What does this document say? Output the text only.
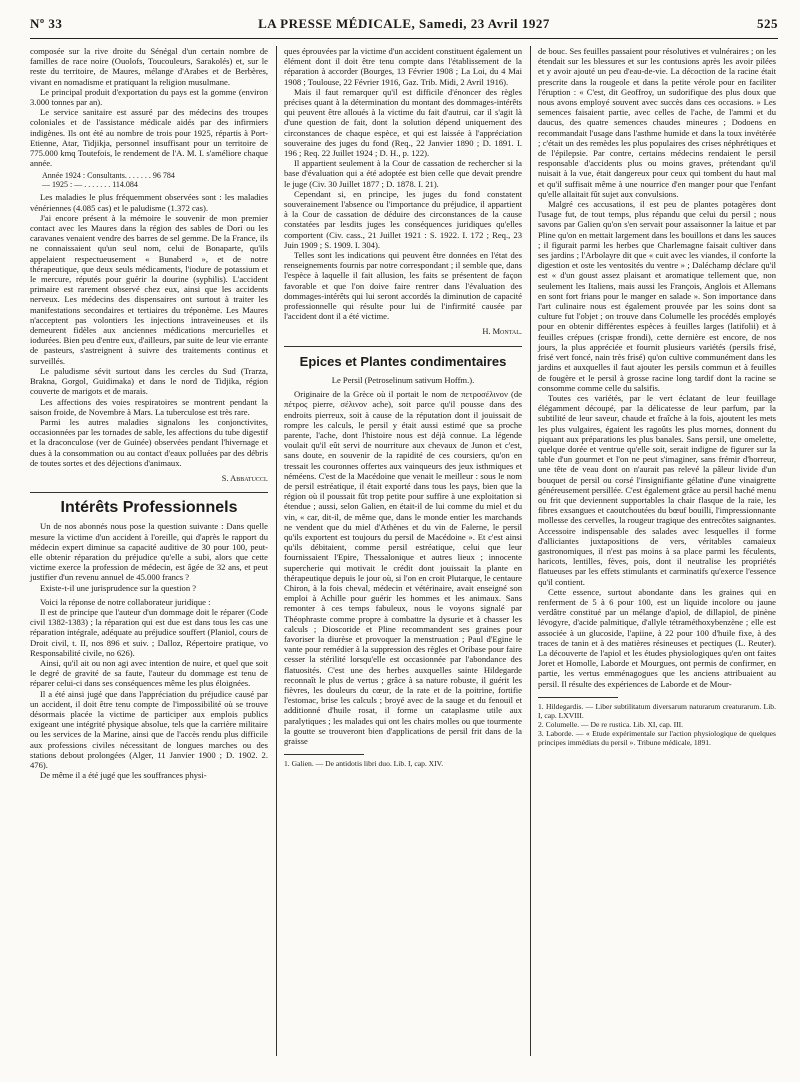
Nº 33	LA PRESSE MÉDICALE, Samedi, 23 Avril 1927	525

composée sur la rive droite du Sénégal d'un certain nombre de familles de race noire (Ouolofs, Toucouleurs, Sarakolés) et, sur le reste du territoire, de Maures, mélange d'Arabes et de Berbères, vivant en nomadisme et pratiquant la religion musulmane.

Le principal produit d'exportation du pays est la gomme (environ 3.000 tonnes par an).

Le service sanitaire est assuré par des médecins des troupes coloniales et de l'assistance médicale aidés par des infirmiers indigènes. Ils ont été au nombre de trois pour 1925, répartis à Port-Etienne, Atar, Tidjikja, personnel insuffisant pour un territoire de 775.000 kmq Toutefois, le rendement de l'A. M. I. s'améliore chaque année.

Année 1924 : Consultants. . . . . . . 96 784
— 1925 : — . . . . . . . 114.084

Les maladies le plus fréquemment observées sont : les maladies vénériennes (4.085 cas) et le paludisme (1.372 cas).

J'ai encore présent à la mémoire le souvenir de mon premier contact avec les Maures dans la région des sables de Dori ou les caravanes venaient vendre des barres de sel gemme. De la France, ils ne connaissaient qu'un seul nom, celui de Bonaparte, qu'ils appelaient respectueusement « Bunaberd », et de notre thérapeutique, que deux seuls médicaments, l'iodure de potassium et le mercure, réputés pour guérir la dourine (syphilis). L'accident primaire est rarement observé chez eux, ainsi que les accidents nerveux. Les médecins des dispensaires ont surtout à traiter les manifestations secondaires et tertiaires du tréponème. Les Maures n'acceptent pas volontiers les injections intraveineuses et ils demeurent fidèles aux anciennes médications mercurielles et iodurées. Bien peu d'entre eux, d'ailleurs, par suite de leur vie errante de pasteurs, s'astreignent à suivre des traitements continus et surveillés.

Le paludisme sévit surtout dans les cercles du Sud (Trarza, Brakna, Gorgol, Guidimaka) et dans le nord de Tidjika, région couverte de marigots et de marais.

Les affections des voies respiratoires se montrent pendant la saison froide, de Novembre à Mars. La tuberculose est très rare.

Parmi les autres maladies signalons les conjonctivites, occasionnées par les tornades de sable, les affections du tube digestif et la draconculose (ver de Guinée) observées pendant l'hivernage et dues à la consommation ou au contact d'eaux polluées par des débris de toutes sortes et des déjections d'animaux.

S. Abbatucci.
Intérêts Professionnels

Un de nos abonnés nous pose la question suivante : Dans quelle mesure la victime d'un accident à l'oreille, qui d'après le rapport du médecin expert diminue sa capacité auditive de 30 pour 100, peut-elle obtenir réparation du préjudice qu'elle a subi, alors que cette victime exerce la profession de médecin, est âgée de 32 ans, et peut justifier d'un revenu annuel de 45.000 francs ?

Existe-t-il une jurisprudence sur la question ?

Voici la réponse de notre collaborateur juridique :

Il est de principe que l'auteur d'un dommage doit le réparer (Code civil 1382-1383) ; la réparation qui est due est dans tous les cas une réparation intégrale, adéquate au préjudice souffert (Planiol, cours de Droit civil, t. II, nos 896 et suiv. ; Dalloz, Répertoire pratique, vo Responsabilité civile, no 626).

Ainsi, qu'il ait ou non agi avec intention de nuire, et quel que soit le degré de gravité de sa faute, l'auteur du dommage est tenu de réparer celui-ci dans ses conséquences même les plus éloignées.

Il a été ainsi jugé que dans l'appréciation du préjudice causé par un accident, il doit être tenu compte de l'impossibilité où se trouve désormais placée la victime de participer aux emplois publics exigeant une intégrité physique absolue, tels que la carrière militaire ou les services de la Marine, ainsi que de l'accès rendu plus difficile aux professions civiles nécessitant de longues marches ou des stations debout prolongées (Alger, 11 Janvier 1900 ; D. 1902. 2. 476).

De même il a été jugé que les souffrances physi-

ques éprouvées par la victime d'un accident constituent également un élément dont il doit être tenu compte dans l'établissement de la réparation à accorder (Bourges, 13 Février 1908 ; La Loi, du 4 Mai 1908 ; Toulouse, 22 Février 1916, Gaz. Trib. Midi, 2 Avril 1916).

Mais il faut remarquer qu'il est difficile d'énoncer des règles précises quant à la détermination du montant des dommages-intérêts qui peuvent être alloués à la victime du fait d'autrui, car il s'agit là d'une question de fait, dont la solution dépend uniquement des circonstances de chaque espèce, et qui est laissée à l'appréciation souveraine des juges du fond (Req., 22 Janvier 1890 ; D. 1891. I. 196 ; Req. 22 Juillet 1924 ; D. H., p. 122).

Il appartient seulement à la Cour de cassation de rechercher si la base d'évaluation qui a été adoptée est bien celle que devait prendre le juge (Civ. 30 Juillet 1877 ; D. 1878. I. 21).

Cependant si, en principe, les juges du fond constatent souverainement l'absence ou l'importance du préjudice, il appartient à la Cour de cassation de déduire des circonstances de la cause constatées par lesdits juges les conséquences juridiques qu'elles comportent (Civ. cass., 21 Juillet 1921 : S. 1922. I. 172 ; Req., 23 Juin 1909 ; S. 1909. I. 304).

Telles sont les indications qui peuvent être données en l'état des renseignements fournis par notre correspondant ; il semble que, dans l'espèce à laquelle il fait allusion, les faits se présentent de façon favorable et que l'on doive faire rentrer dans l'évaluation des dommages-intérêts qui lui seront accordés la diminution de capacité professionnelle qui résulte pour lui de l'infirmité causée par l'accident dont il a été victime.

H. Montal.
Epices et Plantes condimentaires
Le Persil (Petroselinum sativum Hoffm.).

Originaire de la Grèce où il portait le nom de πετροσέλινον (de πέτρος pierre, σέλινον ache), soit parce qu'il pousse dans des endroits pierreux, soit à cause de la réputation dont il jouissait de rompre les calculs, le persil y était aussi estimé que sa proche parente, l'ache, dont l'histoire nous est déjà connue. La légende voulait qu'il eût servi de nourriture aux chevaux de Junon et c'est, sans doute, en souvenir de la rapidité de ces coursiers, qu'on en tressait les couronnes offertes aux vainqueurs des jeux isthmiques et néméens. C'est de la Macédoine que venait le meilleur : sous le nom de persil estréatique, il était exporté dans tous les pays, bien que la région où il poussait fût trop petite pour suffire à une exploitation si étendue ; aussi, selon Galien, en était-il de lui comme du miel et du vin, « car, dit-il, de même que, dans le monde entier les marchands ne vendent que du miel d'Athènes et du vin de Falerne, le persil qu'ils exportent est toujours du persil de Macédoine ». Et c'est ainsi qu'ils débitaient, comme persil estréatique, celui que leur fournissaient l'Epire, Thessalonique et autres lieux ; innocente supercherie qui motivait le crédit dont jouissait la plante en thérapeutique depuis le jour où, si l'on en croit Plutarque, le centaure Chiron, à la fois cheval, médecin et vétérinaire, avait enseigné son emploi à Achille pour guérir les hommes et les animaux. Sans remonter à ces temps fabuleux, nous le voyons signalé par Théophraste comme propre à combattre la dysurie et à chasser les calculs ; Dioscoride et Pline recommandent ses graines pour favoriser la diurèse et provoquer la menstruation ; Paul d'Egine le vante pour remédier à la suppression des règles et Oribase pour faire cesser la stérilité lorsqu'elle est occasionnée par l'abondance des flatuosités. C'est une des herbes auxquelles sainte Hildegarde reconnaît le plus de vertus ; grâce à sa nature robuste, il guérit les fièvres, les douleurs du cœur, de la rate et de la poitrine, fortifie l'estomac, brise les calculs ; broyé avec de la sauge et du fenouil et additionné d'huile rosat, il forme un cataplasme utile aux paralytiques ; les malades qui ont les chairs molles ou que tourmente la goutte se trouveront bien d'applications de persil frit dans de la graisse

1. Galien. — De antidotis libri duo. Lib. I, cap. XIV.

de bouc. Ses feuilles passaient pour résolutives et vulnéraires ; on les étendait sur les blessures et sur les contusions après les avoir pilées et y avoir ajouté un peu d'eau-de-vie. La décoction de la racine était prescrite dans la rougeole et dans la petite vérole pour en faciliter l'éruption : « C'est, dit Geoffroy, un sudorifique des plus doux que nous avons employé souvent avec succès dans ces occasions. » Les semences faisaient partie, avec celles de l'ache, de l'ammi et du daucus, des quatre semences chaudes mineures ; Dodoens en recommandait l'usage dans l'asthme humide et dans la toux invétérée ; c'était un des remèdes les plus populaires des crises néphrétiques et de l'épilepsie. Par contre, certains médecins rendaient le persil responsable d'accidents plus ou moins graves, prétendant qu'il nuisait à la vue, était dangereux pour ceux qui tombent du haut mal et qu'il suffisait même à une nourrice d'en manger pour que l'enfant qu'elle allaitait fût sujet aux convulsions.

Malgré ces accusations, il est peu de plantes potagères dont l'usage fut, de tout temps, plus répandu que celui du persil ; nous savons par Galien qu'on s'en servait pour assaisonner la laitue et par Pline qu'on en mettait largement dans les bouillons et dans les sauces ; il figurait parmi les herbes que Charlemagne faisait cultiver dans ses jardins ; l'Arbolayre dit que « cuit avec les viandes, il conforte la digestion et oste les ventosités du ventre » ; Daléchamp déclare qu'il est « d'un goust assez plaisant et aromatique tellement que, non seulement les Italiens, mais aussi les François, Anglois et Allemans en sont fort frians pour le manger en salade ». Son importance dans l'art culinaire nous est également prouvée par les soins dont sa culture fut l'objet ; on trouve dans Columelle les procédés employés pour en obtenir différentes espèces à feuilles larges (latifolii) et à feuilles crépues (crispæ frondi), cette dernière est encore, de nos jours, la plus appréciée et fournit plusieurs variétés (persils frisé, frisé vert foncé, nain très frisé) qu'on cultive communément dans les jardins et auxquelles il faut ajouter les persils commun et à feuilles de fougère et le persil à grosse racine long tardif dont la racine se consomme comme celle du salsifis.

Toutes ces variétés, par le vert éclatant de leur feuillage élégamment découpé, par la délicatesse de leur parfum, par la subtilité de leur saveur, chaude et fraîche à la fois, ajoutent les mets les plus vulgaires, égaient les ragoûts les plus mornes, donnent du piquant aux préparations les plus banales. Sans persil, une omelette, quelque dorée et ventrue qu'elle soit, serait indigne de figurer sur la table d'un gourmet et l'on ne peut s'imaginer, sans frémir d'horreur, une tête de veau dont on n'aurait pas relevé la pâleur livide d'un bouquet de persil ou corsé l'insignifiante gélatine d'une vinaigrette généreusement persillée. C'est également grâce au persil haché menu ou frit que deviennent supportables la chair flasque de la raie, les fibres exsangues et caoutchoutées du bœuf bouilli, l'impressionnante mollesse des cervelles, la rougeur tragique des entrecôtes saignantes. Accessoire indispensable des salades avec lesquelles il forme d'alliciantes juxtapositions de vers, véritables camaieux gastronomiques, il n'est pas moins à sa place parmi les féculents, haricots, lentilles, fèves, pois, dont il neutralise les propriétés flatueuses par les effets stimulants et carminatifs qu'exerce l'essence qu'il contient.

Cette essence, surtout abondante dans les graines qui en renferment de 5 à 6 pour 100, est un liquide incolore ou jaune verdâtre constitué par un mélange d'apiol, de dillapiol, de pinène lévogyre, d'acide palmitique, d'allyle tétraméthoxybenzène ; elle est associée à un glucoside, l'apiine, à 22 pour 100 d'huile fixe, à des traces de tanin et à des matières résineuses et pectiques (L. Reuter). La découverte de l'apiol et les études physiologiques qu'en ont faites Joret et Homolle, Laborde et Mourgues, ont permis de confirmer, en partie, les vertus emménagogues que les anciens attribuaient au persil. Il résulte des expériences de Laborde et de Mour-

1. Hildegardis. — Liber subtilitatum diversarum naturarum creaturarum. Lib. I, cap. LXVIII.

2. Columelle. — De re rustica. Lib. XI, cap. III.

3. Laborde. — « Etude expérimentale sur l'action physiologique de quelques principes immédiats du persil ». Tribune médicale, 1891.
